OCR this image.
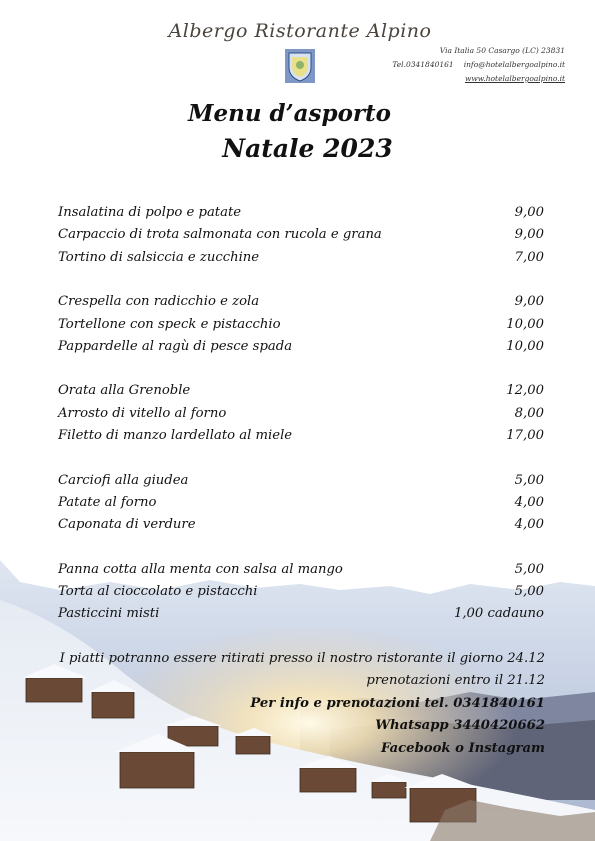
Albergo Ristorante Alpino
Via Italia 50 Casargo (LC) 23831
Tel.0341840161 info@hotelalbergoalpino.it
www.hotelalbergoalpino.it
Menu d’asporto
Natale 2023
Insalatina di polpo e patate	9,00
Carpaccio di trota salmonata con rucola e grana	9,00
Tortino di salsiccia e zucchine	7,00
Crespella con radicchio e zola	9,00
Tortellone con speck e pistacchio	10,00
Pappardelle al ragù di pesce spada	10,00
Orata alla Grenoble	12,00
Arrosto di vitello al forno	8,00
Filetto di manzo lardellato al miele	17,00
Carciofi alla giudea	5,00
Patate al forno	4,00
Caponata di verdure	4,00
Panna cotta alla menta con salsa al mango	5,00
Torta al cioccolato e pistacchi	5,00
Pasticcini misti	1,00 cadauno
I piatti potranno essere ritirati presso il nostro ristorante il giorno 24.12
prenotazioni entro il 21.12
Per info e prenotazioni tel. 0341840161
Whatsapp 3440420662
Facebook o Instagram
